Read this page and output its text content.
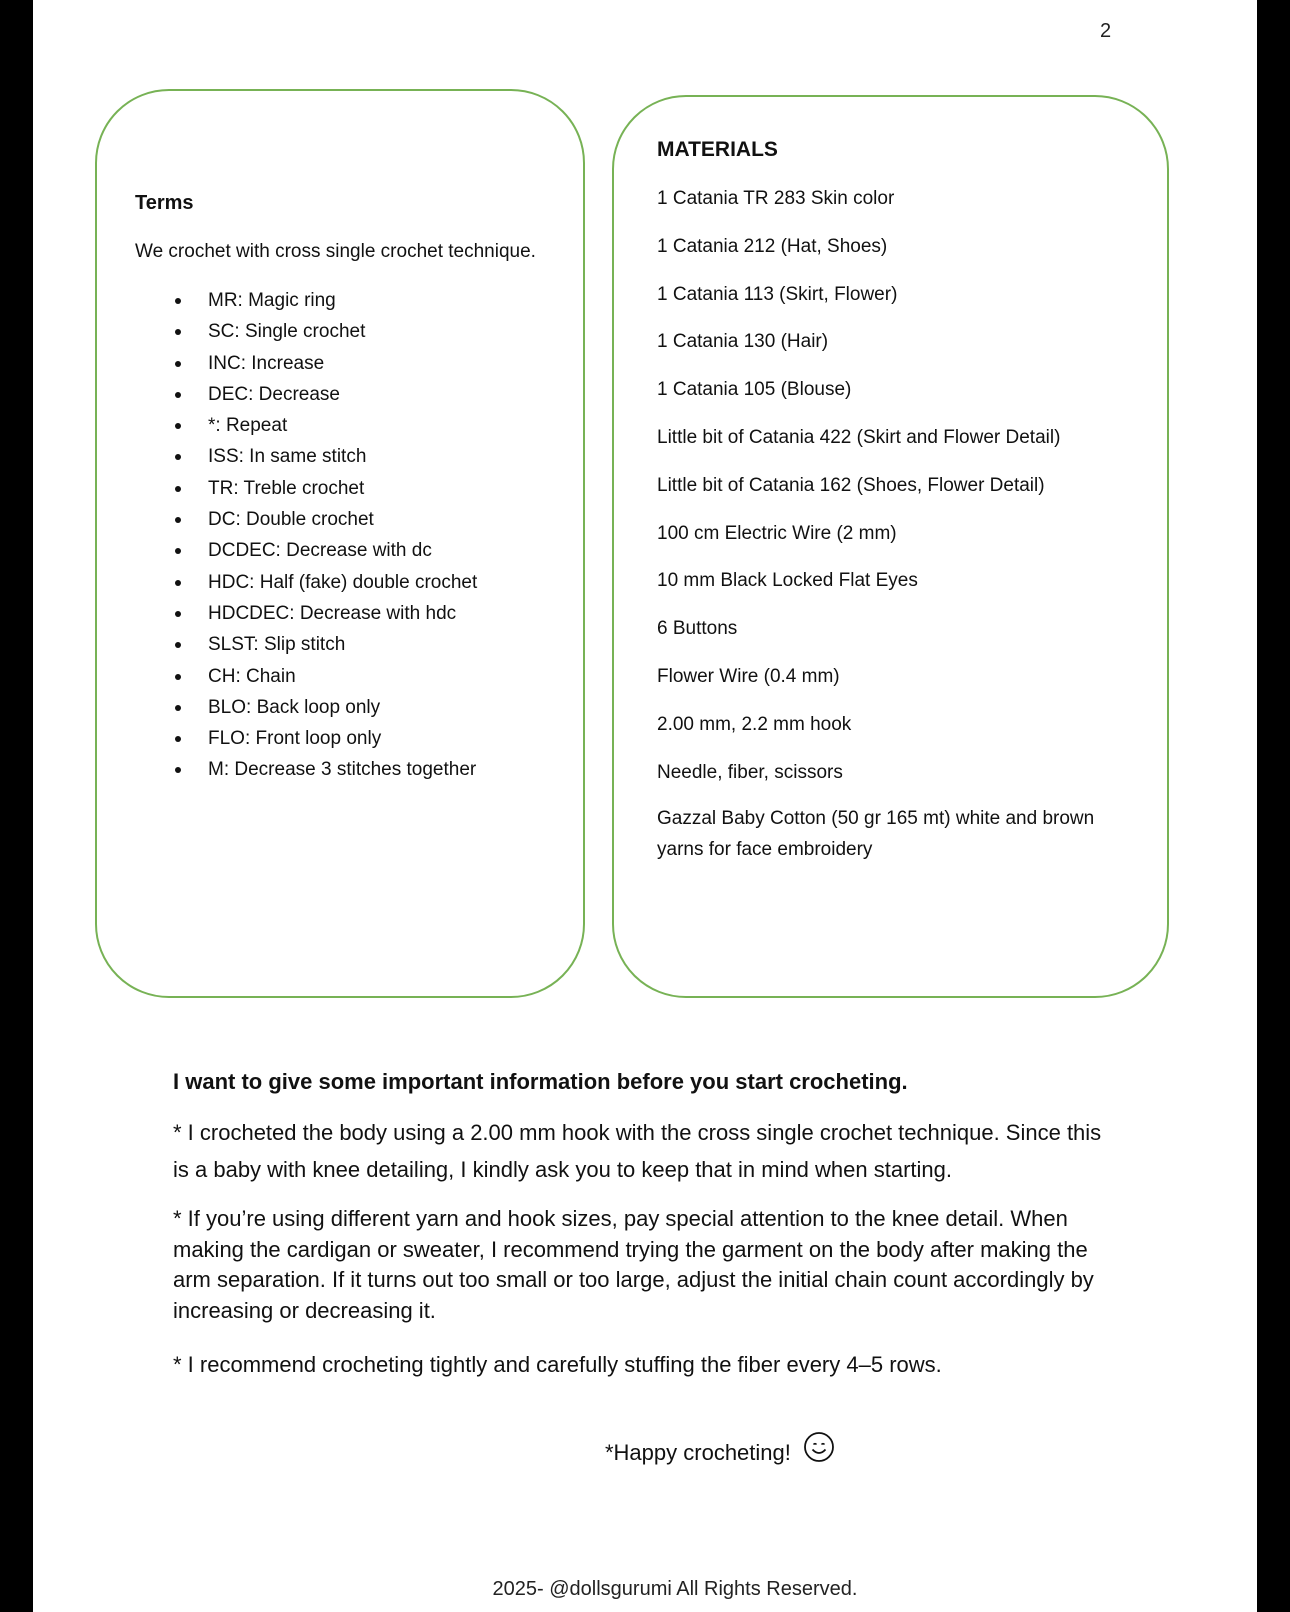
2
Terms
We crochet with cross single crochet technique.
MR: Magic ring
SC: Single crochet
INC: Increase
DEC: Decrease
*: Repeat
ISS: In same stitch
TR: Treble crochet
DC: Double crochet
DCDEC: Decrease with dc
HDC: Half (fake) double crochet
HDCDEC: Decrease with hdc
SLST: Slip stitch
CH: Chain
BLO: Back loop only
FLO: Front loop only
M: Decrease 3 stitches together
MATERIALS
1 Catania TR 283 Skin color
1 Catania 212 (Hat, Shoes)
1 Catania 113 (Skirt, Flower)
1 Catania 130 (Hair)
1 Catania 105 (Blouse)
Little bit of Catania 422 (Skirt and Flower Detail)
Little bit of Catania 162 (Shoes, Flower Detail)
100 cm Electric Wire (2 mm)
10 mm Black Locked Flat Eyes
6 Buttons
Flower Wire (0.4 mm)
2.00 mm, 2.2 mm hook
Needle, fiber, scissors
Gazzal Baby Cotton (50 gr 165 mt) white and brown yarns for face embroidery

I want to give some important information before you start crocheting.

* I crocheted the body using a 2.00 mm hook with the cross single crochet technique. Since this is a baby with knee detailing, I kindly ask you to keep that in mind when starting.

* If you’re using different yarn and hook sizes, pay special attention to the knee detail. When making the cardigan or sweater, I recommend trying the garment on the body after making the arm separation. If it turns out too small or too large, adjust the initial chain count accordingly by increasing or decreasing it.

* I recommend crocheting tightly and carefully stuffing the fiber every 4–5 rows.

*Happy crocheting!
2025- @dollsgurumi All Rights Reserved.
